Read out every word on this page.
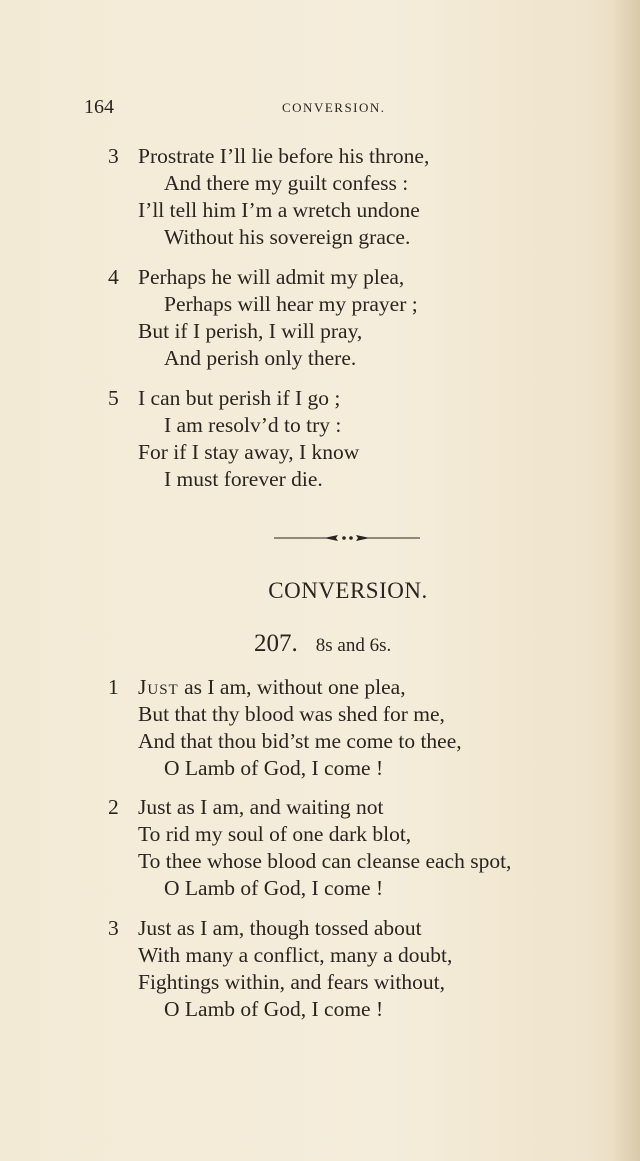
164	CONVERSION.
3 Prostrate I’ll lie before his throne,
And there my guilt confess :
I’ll tell him I’m a wretch undone
Without his sovereign grace.
4 Perhaps he will admit my plea,
Perhaps will hear my prayer ;
But if I perish, I will pray,
And perish only there.
5 I can but perish if I go ;
I am resolv’d to try :
For if I stay away, I know
I must forever die.
CONVERSION.
207. 8s and 6s.
1 Just as I am, without one plea,
But that thy blood was shed for me,
And that thou bid’st me come to thee,
O Lamb of God, I come !
2 Just as I am, and waiting not
To rid my soul of one dark blot,
To thee whose blood can cleanse each spot,
O Lamb of God, I come !
3 Just as I am, though tossed about
With many a conflict, many a doubt,
Fightings within, and fears without,
O Lamb of God, I come !
